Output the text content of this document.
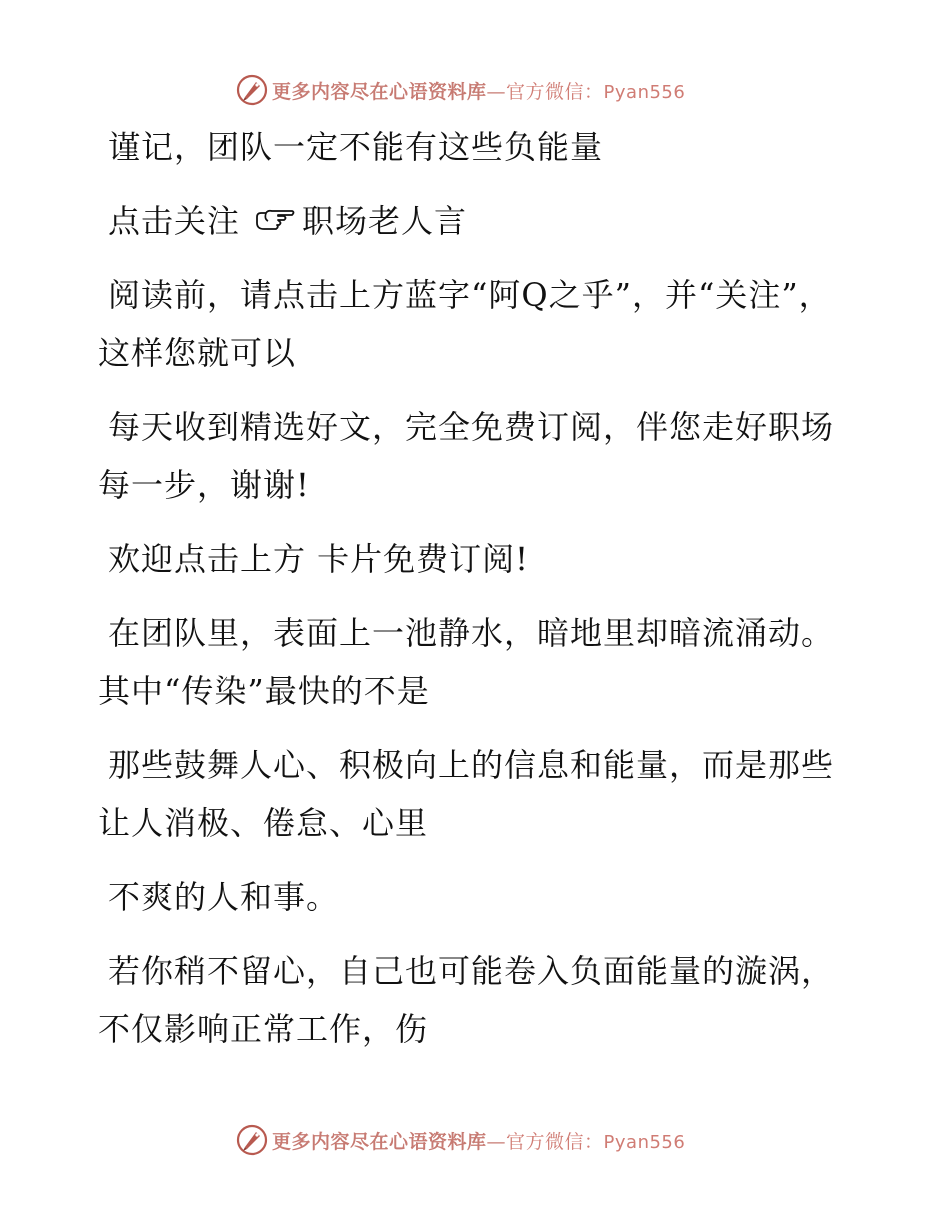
更多内容尽在心语资料库—官方微信：Pyan556

谨记，团队一定不能有这些负能量

点击关注 职场老人言

阅读前，请点击上方蓝字“阿Q之乎”，并“关注”，这样您就可以

每天收到精选好文，完全免费订阅，伴您走好职场每一步，谢谢!

欢迎点击上方 卡片免费订阅!

在团队里，表面上一池静水，暗地里却暗流涌动。其中“传染”最快的不是

那些鼓舞人心、积极向上的信息和能量，而是那些让人消极、倦怠、心里

不爽的人和事。

若你稍不留心，自己也可能卷入负面能量的漩涡，不仅影响正常工作，伤

更多内容尽在心语资料库—官方微信：Pyan556
